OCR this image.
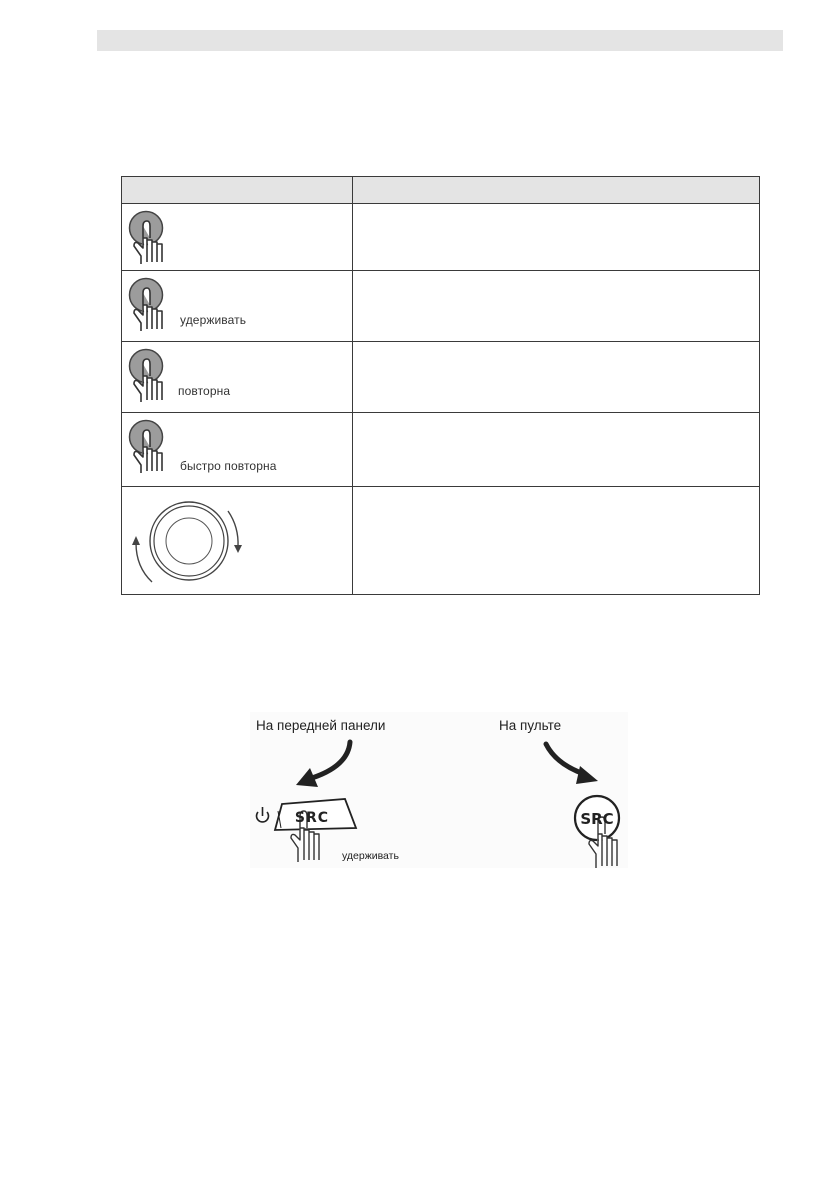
удерживать	

повторна	

быстро повторна	

На передней панели	На пульте
SRC	SRC
удерживать
